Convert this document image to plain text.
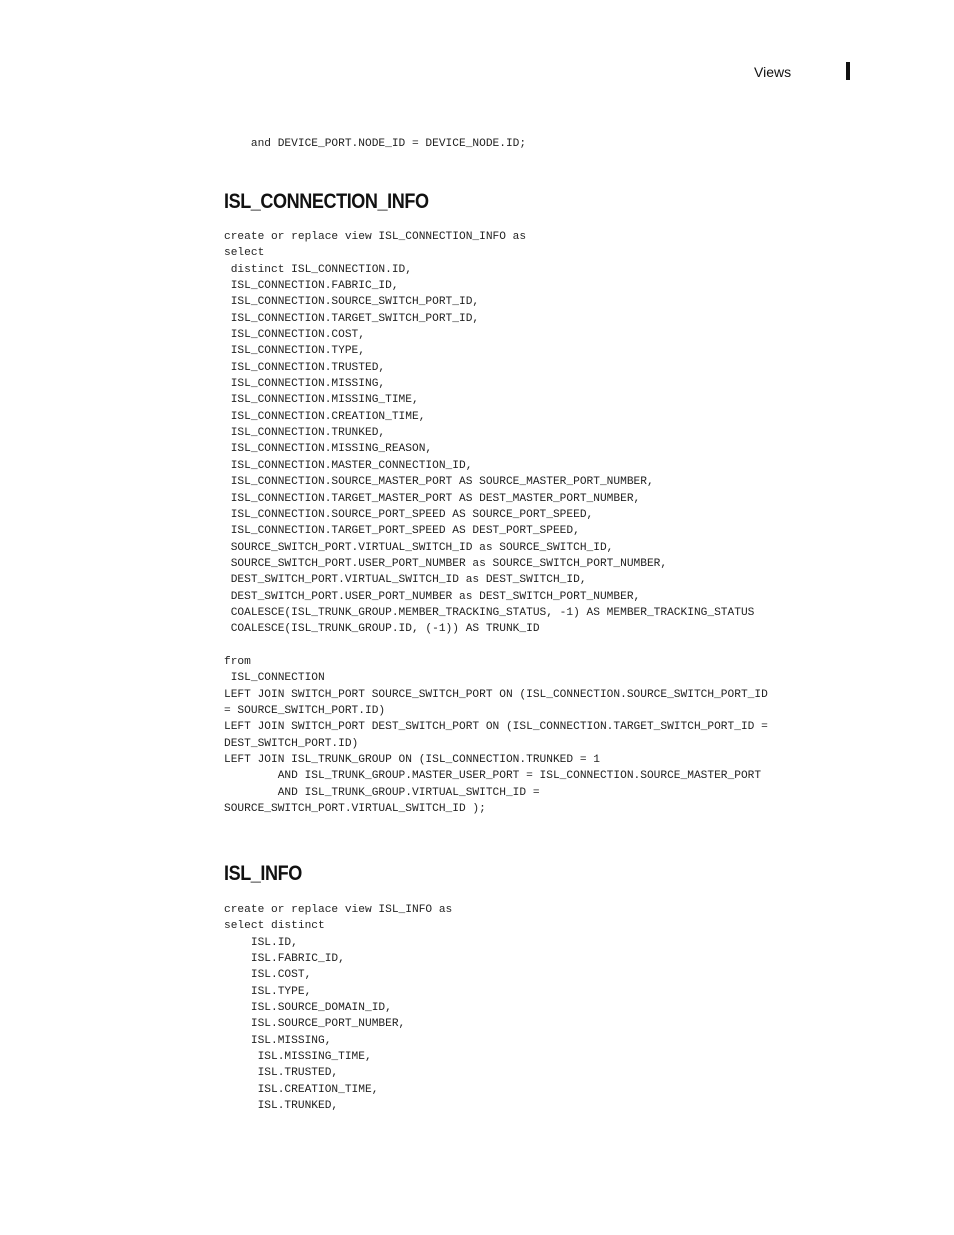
Views
and DEVICE_PORT.NODE_ID = DEVICE_NODE.ID;
ISL_CONNECTION_INFO
create or replace view ISL_CONNECTION_INFO as
select
distinct ISL_CONNECTION.ID,
ISL_CONNECTION.FABRIC_ID,
ISL_CONNECTION.SOURCE_SWITCH_PORT_ID,
ISL_CONNECTION.TARGET_SWITCH_PORT_ID,
ISL_CONNECTION.COST,
ISL_CONNECTION.TYPE,
ISL_CONNECTION.TRUSTED,
ISL_CONNECTION.MISSING,
ISL_CONNECTION.MISSING_TIME,
ISL_CONNECTION.CREATION_TIME,
ISL_CONNECTION.TRUNKED,
ISL_CONNECTION.MISSING_REASON,
ISL_CONNECTION.MASTER_CONNECTION_ID,
ISL_CONNECTION.SOURCE_MASTER_PORT AS SOURCE_MASTER_PORT_NUMBER,
ISL_CONNECTION.TARGET_MASTER_PORT AS DEST_MASTER_PORT_NUMBER,
ISL_CONNECTION.SOURCE_PORT_SPEED AS SOURCE_PORT_SPEED,
ISL_CONNECTION.TARGET_PORT_SPEED AS DEST_PORT_SPEED,
SOURCE_SWITCH_PORT.VIRTUAL_SWITCH_ID as SOURCE_SWITCH_ID,
SOURCE_SWITCH_PORT.USER_PORT_NUMBER as SOURCE_SWITCH_PORT_NUMBER,
DEST_SWITCH_PORT.VIRTUAL_SWITCH_ID as DEST_SWITCH_ID,
DEST_SWITCH_PORT.USER_PORT_NUMBER as DEST_SWITCH_PORT_NUMBER,
COALESCE(ISL_TRUNK_GROUP.MEMBER_TRACKING_STATUS, -1) AS MEMBER_TRACKING_STATUS
COALESCE(ISL_TRUNK_GROUP.ID, (-1)) AS TRUNK_ID

from
ISL_CONNECTION
LEFT JOIN SWITCH_PORT SOURCE_SWITCH_PORT ON (ISL_CONNECTION.SOURCE_SWITCH_PORT_ID
= SOURCE_SWITCH_PORT.ID)
LEFT JOIN SWITCH_PORT DEST_SWITCH_PORT ON (ISL_CONNECTION.TARGET_SWITCH_PORT_ID =
DEST_SWITCH_PORT.ID)
LEFT JOIN ISL_TRUNK_GROUP ON (ISL_CONNECTION.TRUNKED = 1
AND ISL_TRUNK_GROUP.MASTER_USER_PORT = ISL_CONNECTION.SOURCE_MASTER_PORT
AND ISL_TRUNK_GROUP.VIRTUAL_SWITCH_ID =
SOURCE_SWITCH_PORT.VIRTUAL_SWITCH_ID );
ISL_INFO
create or replace view ISL_INFO as
select distinct
ISL.ID,
ISL.FABRIC_ID,
ISL.COST,
ISL.TYPE,
ISL.SOURCE_DOMAIN_ID,
ISL.SOURCE_PORT_NUMBER,
ISL.MISSING,
ISL.MISSING_TIME,
ISL.TRUSTED,
ISL.CREATION_TIME,
ISL.TRUNKED,
